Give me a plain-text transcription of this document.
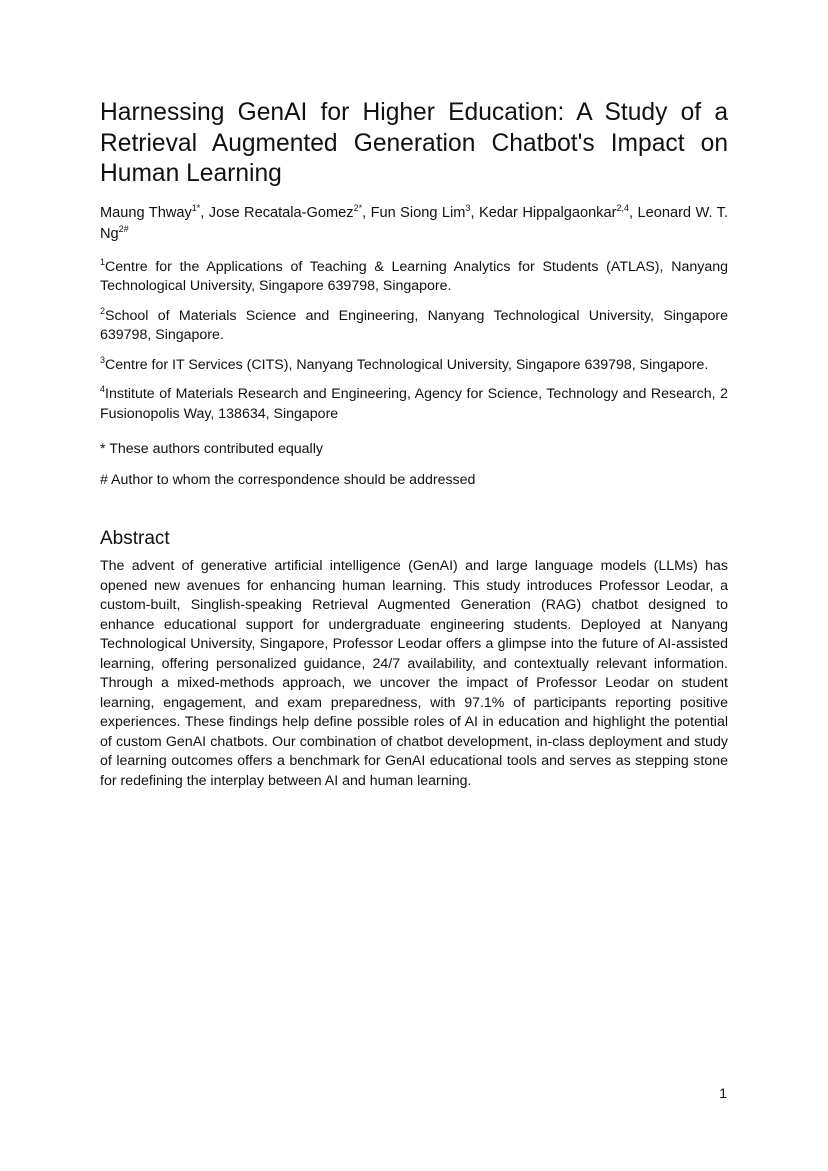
Harnessing GenAI for Higher Education: A Study of a Retrieval Augmented Generation Chatbot's Impact on Human Learning

Maung Thway$^{1*}$, Jose Recatala-Gomez$^{2*}$, Fun Siong Lim$^3$, Kedar Hippalgaonkar$^{2,4}$, Leonard W. T. $Ng^{2\#}$

$^1$Centre for the Applications of Teaching & Learning Analytics for Students (ATLAS), Nanyang Technological University, Singapore 639798, Singapore.

$^2$School of Materials Science and Engineering, Nanyang Technological University, Singapore 639798, Singapore.

$^3$Centre for IT Services (CITS), Nanyang Technological University, Singapore 639798, Singapore.

$^4$Institute of Materials Research and Engineering, Agency for Science, Technology and Research, 2 Fusionopolis Way, 138634, Singapore

* These authors contributed equally

# Author to whom the correspondence should be addressed

Abstract

The advent of generative artificial intelligence (GenAI) and large language models (LLMs) has opened new avenues for enhancing human learning. This study introduces Professor Leodar, a custom-built, Singlish-speaking Retrieval Augmented Generation (RAG) chatbot designed to enhance educational support for undergraduate engineering students. Deployed at Nanyang Technological University, Singapore, Professor Leodar offers a glimpse into the future of AI-assisted learning, offering personalized guidance, 24/7 availability, and contextually relevant information. Through a mixed-methods approach, we uncover the impact of Professor Leodar on student learning, engagement, and exam preparedness, with 97.1% of participants reporting positive experiences. These findings help define possible roles of AI in education and highlight the potential of custom GenAI chatbots. Our combination of chatbot development, in-class deployment and study of learning outcomes offers a benchmark for GenAI educational tools and serves as stepping stone for redefining the interplay between AI and human learning.

1
